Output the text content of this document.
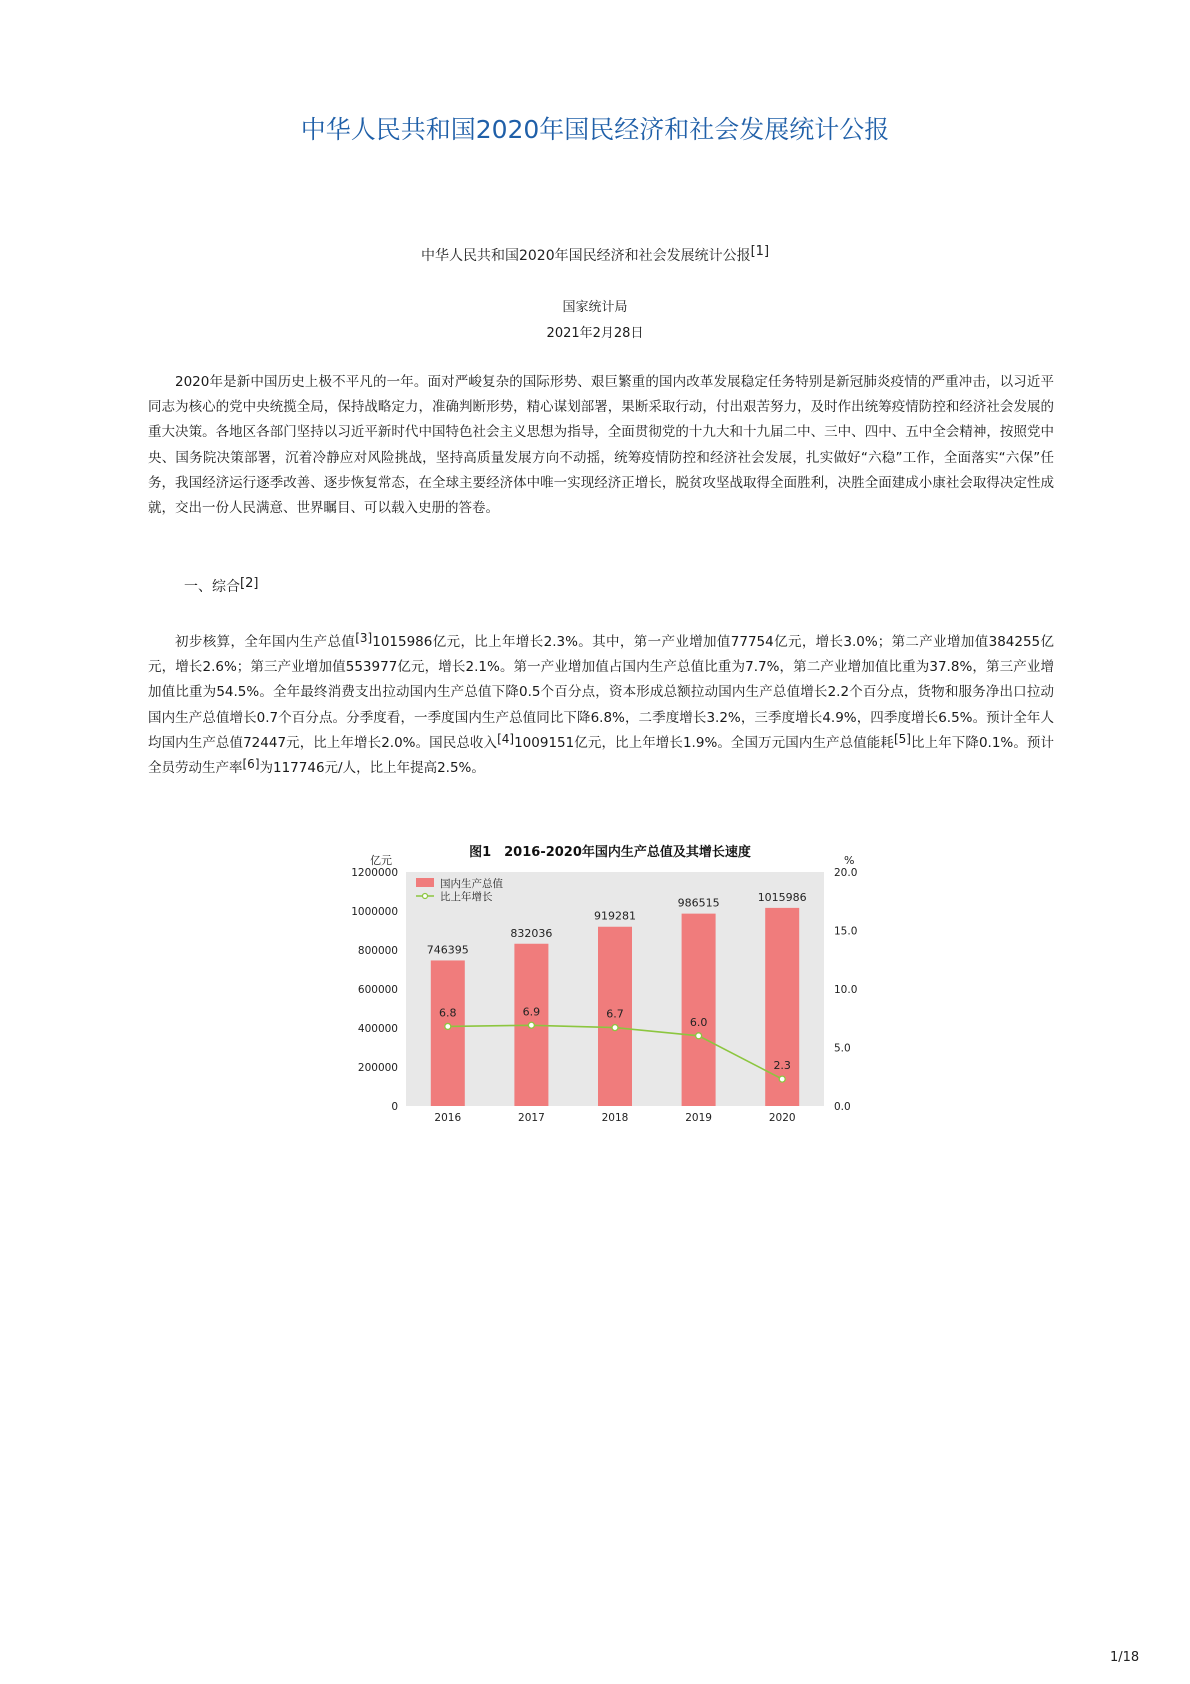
中华人民共和国2020年国民经济和社会发展统计公报
中华人民共和国2020年国民经济和社会发展统计公报[1]
国家统计局
2021年2月28日

2020年是新中国历史上极不平凡的一年。面对严峻复杂的国际形势、艰巨繁重的国内改革发展稳定任务特别是新冠肺炎疫情的严重冲击，以习近平同志为核心的党中央统揽全局，保持战略定力，准确判断形势，精心谋划部署，果断采取行动，付出艰苦努力，及时作出统筹疫情防控和经济社会发展的重大决策。各地区各部门坚持以习近平新时代中国特色社会主义思想为指导，全面贯彻党的十九大和十九届二中、三中、四中、五中全会精神，按照党中央、国务院决策部署，沉着冷静应对风险挑战，坚持高质量发展方向不动摇，统筹疫情防控和经济社会发展，扎实做好“六稳”工作，全面落实“六保”任务，我国经济运行逐季改善、逐步恢复常态，在全球主要经济体中唯一实现经济正增长，脱贫攻坚战取得全面胜利，决胜全面建成小康社会取得决定性成就，交出一份人民满意、世界瞩目、可以载入史册的答卷。

一、综合[2]

初步核算，全年国内生产总值[3]1015986亿元，比上年增长2.3%。其中，第一产业增加值77754亿元，增长3.0%；第二产业增加值384255亿元，增长2.6%；第三产业增加值553977亿元，增长2.1%。第一产业增加值占国内生产总值比重为7.7%，第二产业增加值比重为37.8%，第三产业增加值比重为54.5%。全年最终消费支出拉动国内生产总值下降0.5个百分点，资本形成总额拉动国内生产总值增长2.2个百分点，货物和服务净出口拉动国内生产总值增长0.7个百分点。分季度看，一季度国内生产总值同比下降6.8%，二季度增长3.2%，三季度增长4.9%，四季度增长6.5%。预计全年人均国内生产总值72447元，比上年增长2.0%。国民总收入[4]1009151亿元，比上年增长1.9%。全国万元国内生产总值能耗[5]比上年下降0.1%。预计全员劳动生产率[6]为117746元/人，比上年提高2.5%。

图1　2016-2020年国内生产总值及其增长速度
亿元	%
1200000
1000000
800000
600000
400000
200000
0
20.0
15.0
10.0
5.0
0.0
746395
832036
919281
986515	1015986
6.8	6.9	6.7
6.0
2.3
2016	2017	2018	2019	2020
国内生产总值
比上年增长
1/18
